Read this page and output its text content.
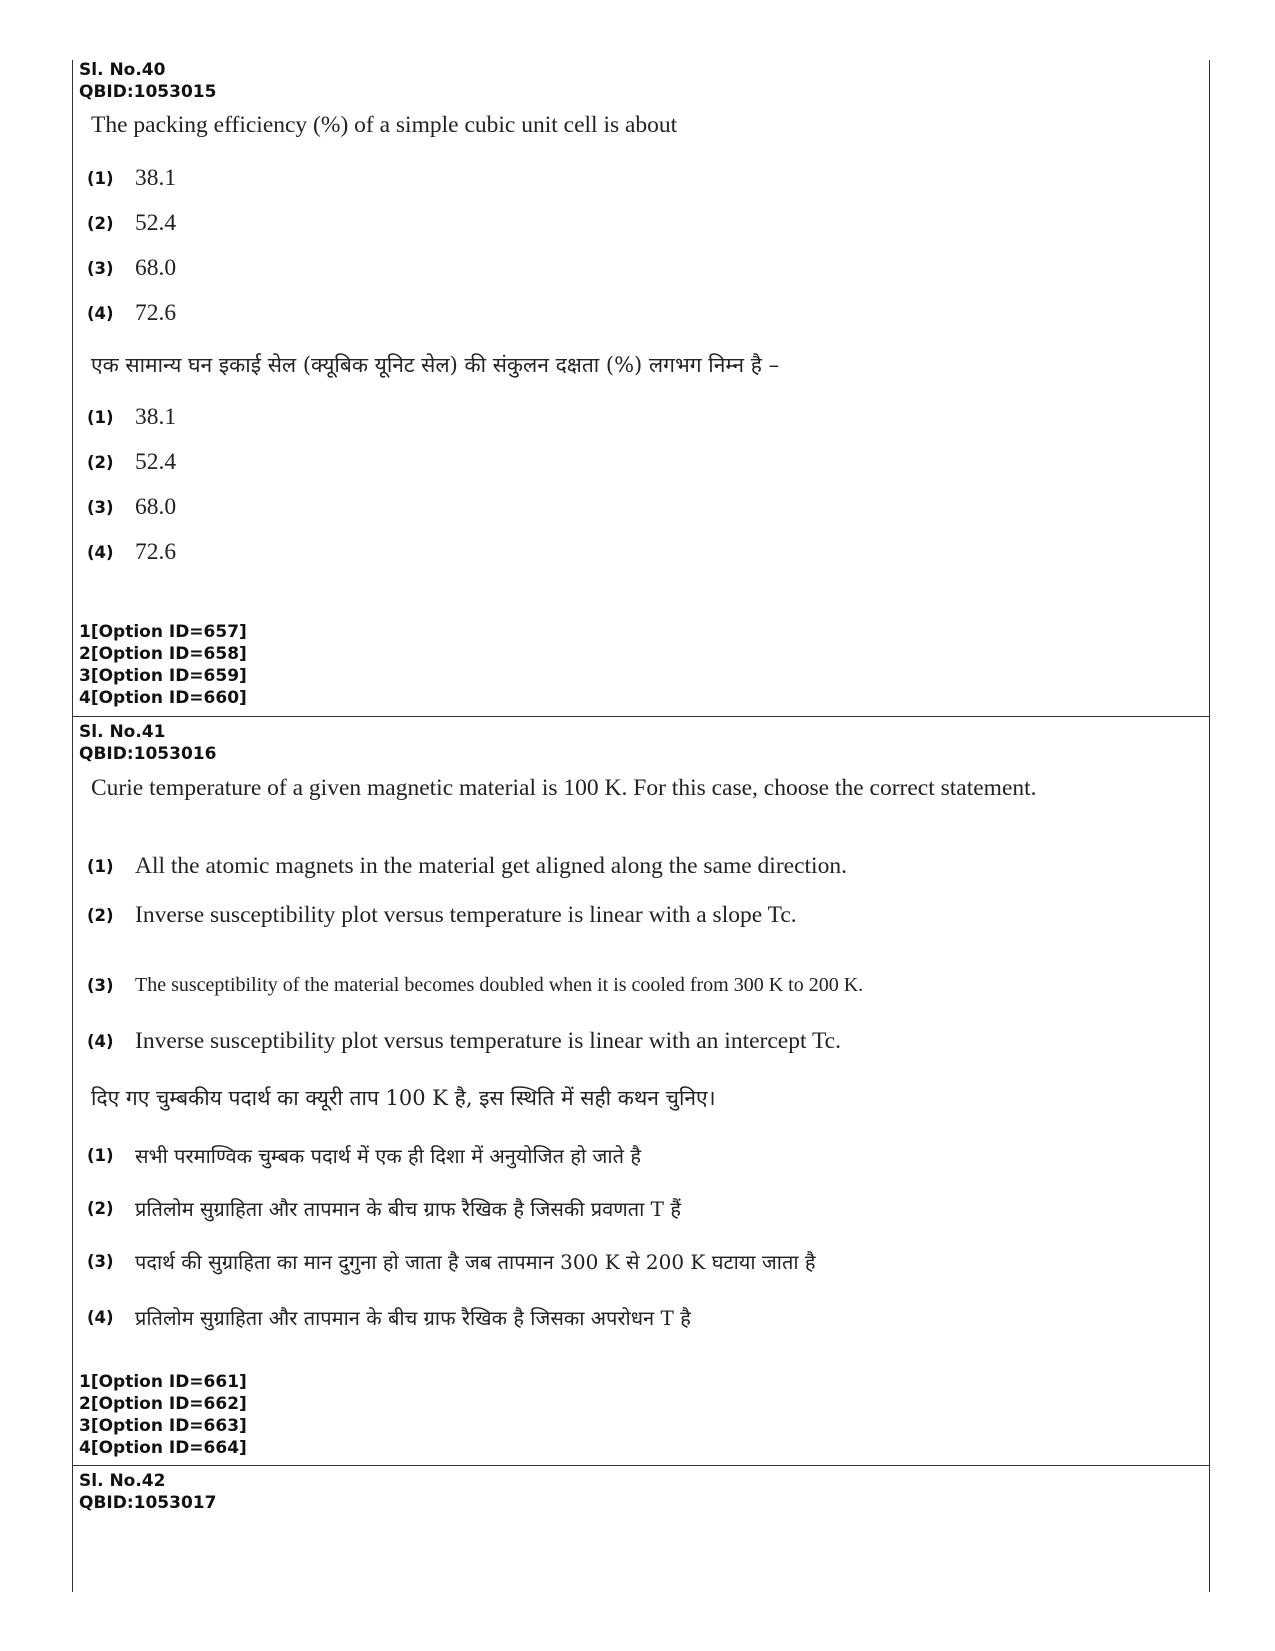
Sl. No.40
QBID:1053015
The packing efficiency (%) of a simple cubic unit cell is about
(1) 38.1
(2) 52.4
(3) 68.0
(4) 72.6
एक सामान्य घन इकाई सेल (क्यूबिक यूनिट सेल) की संकुलन दक्षता (%) लगभग निम्न है –
(1) 38.1
(2) 52.4
(3) 68.0
(4) 72.6
1[Option ID=657]
2[Option ID=658]
3[Option ID=659]
4[Option ID=660]
Sl. No.41
QBID:1053016
Curie temperature of a given magnetic material is 100 K. For this case, choose the correct statement.
(1) All the atomic magnets in the material get aligned along the same direction.
(2) Inverse susceptibility plot versus temperature is linear with a slope Tc.
(3)	The susceptibility of the material becomes doubled when it is cooled from 300 K to 200 K.
(4) Inverse susceptibility plot versus temperature is linear with an intercept Tc.
दिए गए चुम्बकीय पदार्थ का क्यूरी ताप 100 K है, इस स्थिति में सही कथन चुनिए।
(1)	सभी परमाण्विक चुम्बक पदार्थ में एक ही दिशा में अनुयोजित हो जाते है
(2)	प्रतिलोम सुग्राहिता और तापमान के बीच ग्राफ रैखिक है जिसकी प्रवणता T हैं
(3)	पदार्थ की सुग्राहिता का मान दुगुना हो जाता है जब तापमान 300 K से 200 K घटाया जाता है
(4)	प्रतिलोम सुग्राहिता और तापमान के बीच ग्राफ रैखिक है जिसका अपरोधन T है
1[Option ID=661]
2[Option ID=662]
3[Option ID=663]
4[Option ID=664]
Sl. No.42
QBID:1053017
